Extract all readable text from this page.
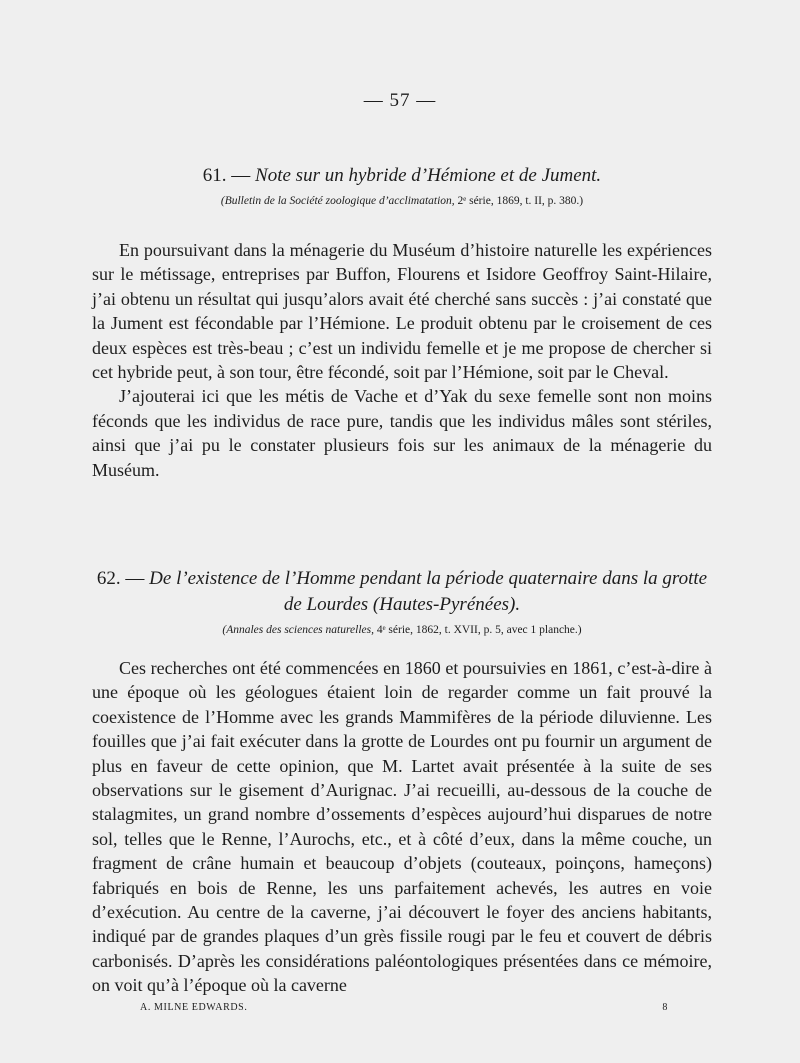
— 57 —
61. — Note sur un hybride d’Hémione et de Jument.
(Bulletin de la Société zoologique d’acclimatation, 2ᵉ série, 1869, t. II, p. 380.)

En poursuivant dans la ménagerie du Muséum d’histoire naturelle les expériences sur le métissage, entreprises par Buffon, Flourens et Isidore Geoffroy Saint-Hilaire, j’ai obtenu un résultat qui jusqu’alors avait été cherché sans succès : j’ai constaté que la Jument est fécondable par l’Hémione. Le produit obtenu par le croisement de ces deux espèces est très-beau ; c’est un individu femelle et je me propose de chercher si cet hybride peut, à son tour, être fécondé, soit par l’Hémione, soit par le Cheval.

J’ajouterai ici que les métis de Vache et d’Yak du sexe femelle sont non moins féconds que les individus de race pure, tandis que les individus mâles sont stériles, ainsi que j’ai pu le constater plusieurs fois sur les animaux de la ménagerie du Muséum.

62. — De l’existence de l’Homme pendant la période quaternaire dans la grotte de Lourdes (Hautes-Pyrénées).
(Annales des sciences naturelles, 4ᵉ série, 1862, t. XVII, p. 5, avec 1 planche.)

Ces recherches ont été commencées en 1860 et poursuivies en 1861, c’est-à-dire à une époque où les géologues étaient loin de regarder comme un fait prouvé la coexistence de l’Homme avec les grands Mammifères de la période diluvienne. Les fouilles que j’ai fait exécuter dans la grotte de Lourdes ont pu fournir un argument de plus en faveur de cette opinion, que M. Lartet avait présentée à la suite de ses observations sur le gisement d’Aurignac. J’ai recueilli, au-dessous de la couche de stalagmites, un grand nombre d’ossements d’espèces aujourd’hui disparues de notre sol, telles que le Renne, l’Aurochs, etc., et à côté d’eux, dans la même couche, un fragment de crâne humain et beaucoup d’objets (couteaux, poinçons, hameçons) fabriqués en bois de Renne, les uns parfaitement achevés, les autres en voie d’exécution. Au centre de la caverne, j’ai découvert le foyer des anciens habitants, indiqué par de grandes plaques d’un grès fissile rougi par le feu et couvert de débris carbonisés. D’après les considérations paléontologiques présentées dans ce mémoire, on voit qu’à l’époque où la caverne

A. MILNE EDWARDS.	8
